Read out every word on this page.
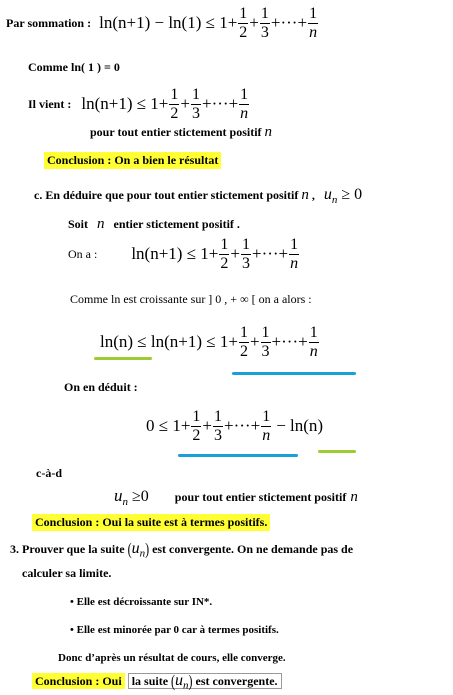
Par sommation : $\ln(n+1) - \ln(1) \le 1+ \frac{1}{2} + \frac{1}{3}$ +···+ $\frac{1}{n}$
Comme ln( 1 ) = 0
Il vient : $\ln(n+1) \le 1+ \frac{1}{2} + \frac{1}{3}$ +···+ $\frac{1}{n}$
pour tout entier stictement positif n
Conclusion : On a bien le résultat
c. En déduire que pour tout entier stictement positif n , $u_n \ge 0$
Soit n entier stictement positif .
On a : $\ln(n+1) \le 1+ \frac{1}{2} + \frac{1}{3}$ +···+ $\frac{1}{n}$
Comme ln est croissante sur ] 0 , + ∞ [ on a alors :
$\ln(n) \le \ln(n+1) \le 1+ \frac{1}{2} + \frac{1}{3}$ +···+ $\frac{1}{n}$
On en déduit :
$0 \le 1+ \frac{1}{2} + \frac{1}{3}$ +···+ $\frac{1}{n} - \ln(n)$
c-à-d
$u_n \ge 0$ pour tout entier stictement positif n
Conclusion : Oui la suite est à termes positifs.
3. Prouver que la suite $(u_n)$ est convergente. On ne demande pas de
calculer sa limite.
• Elle est décroissante sur IN*.
• Elle est minorée par 0 car à termes positifs.
Donc d’après un résultat de cours, elle converge.
Conclusion : Oui la suite $(u_n)$ est convergente.
